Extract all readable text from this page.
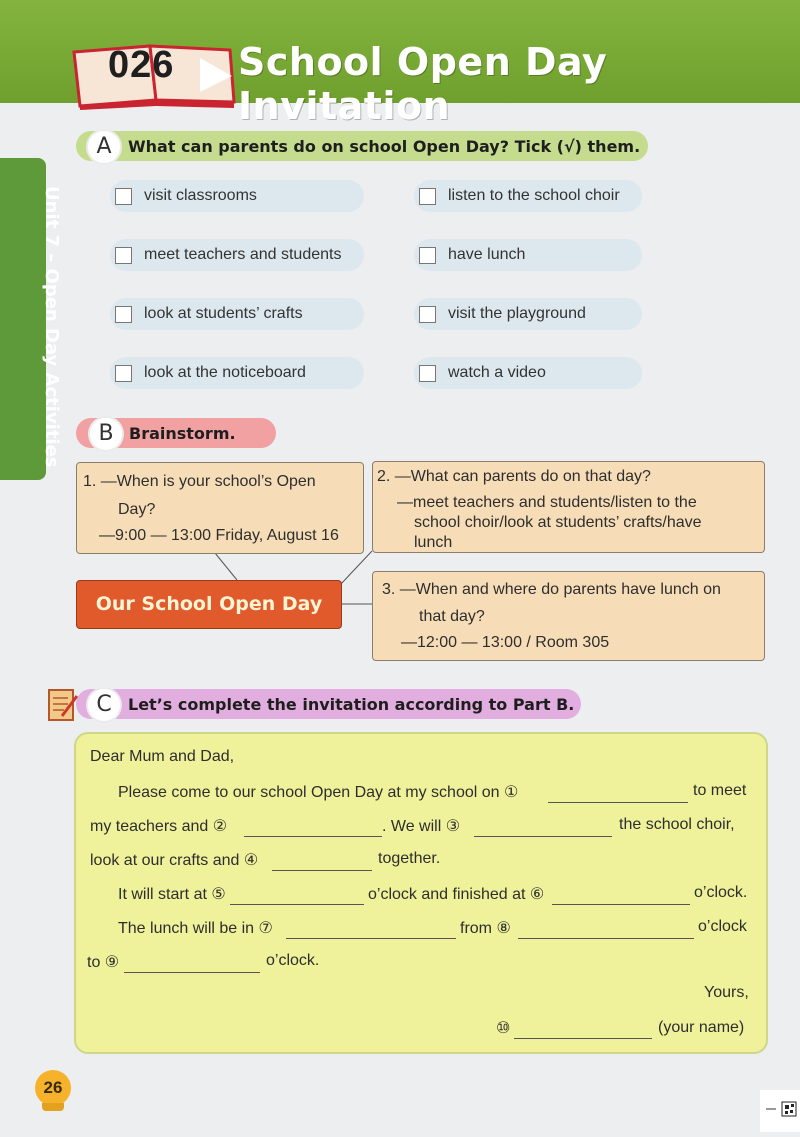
026 School Open Day Invitation
Unit 7 – Open Day Activities
A	What can parents do on school Open Day? Tick (√) them.
visit classrooms	listen to the school choir
meet teachers and students	have lunch
look at students’ crafts	visit the playground
look at the noticeboard	watch a video
B Brainstorm.

1. —When is your school’s Open

Day?

—9:00 — 13:00 Friday, August 16

2. —What can parents do on that day?

—meet teachers and students/listen to the

school choir/look at students’ crafts/have

lunch

Our School Open Day

3. —When and where do parents have lunch on

that day?

—12:00 — 13:00 / Room 305

C	Let’s complete the invitation according to Part B.
Dear Mum and Dad,
Please come to our school Open Day at my school on ①	to meet
my teachers and ②	. We will ③	the school choir,
look at our crafts and ④	together.
It will start at ⑤	o’clock and finished at ⑥	o’clock.
The lunch will be in ⑦	from ⑧	o’clock
to ⑨	o’clock.
Yours,
⑩	(your name)
26
